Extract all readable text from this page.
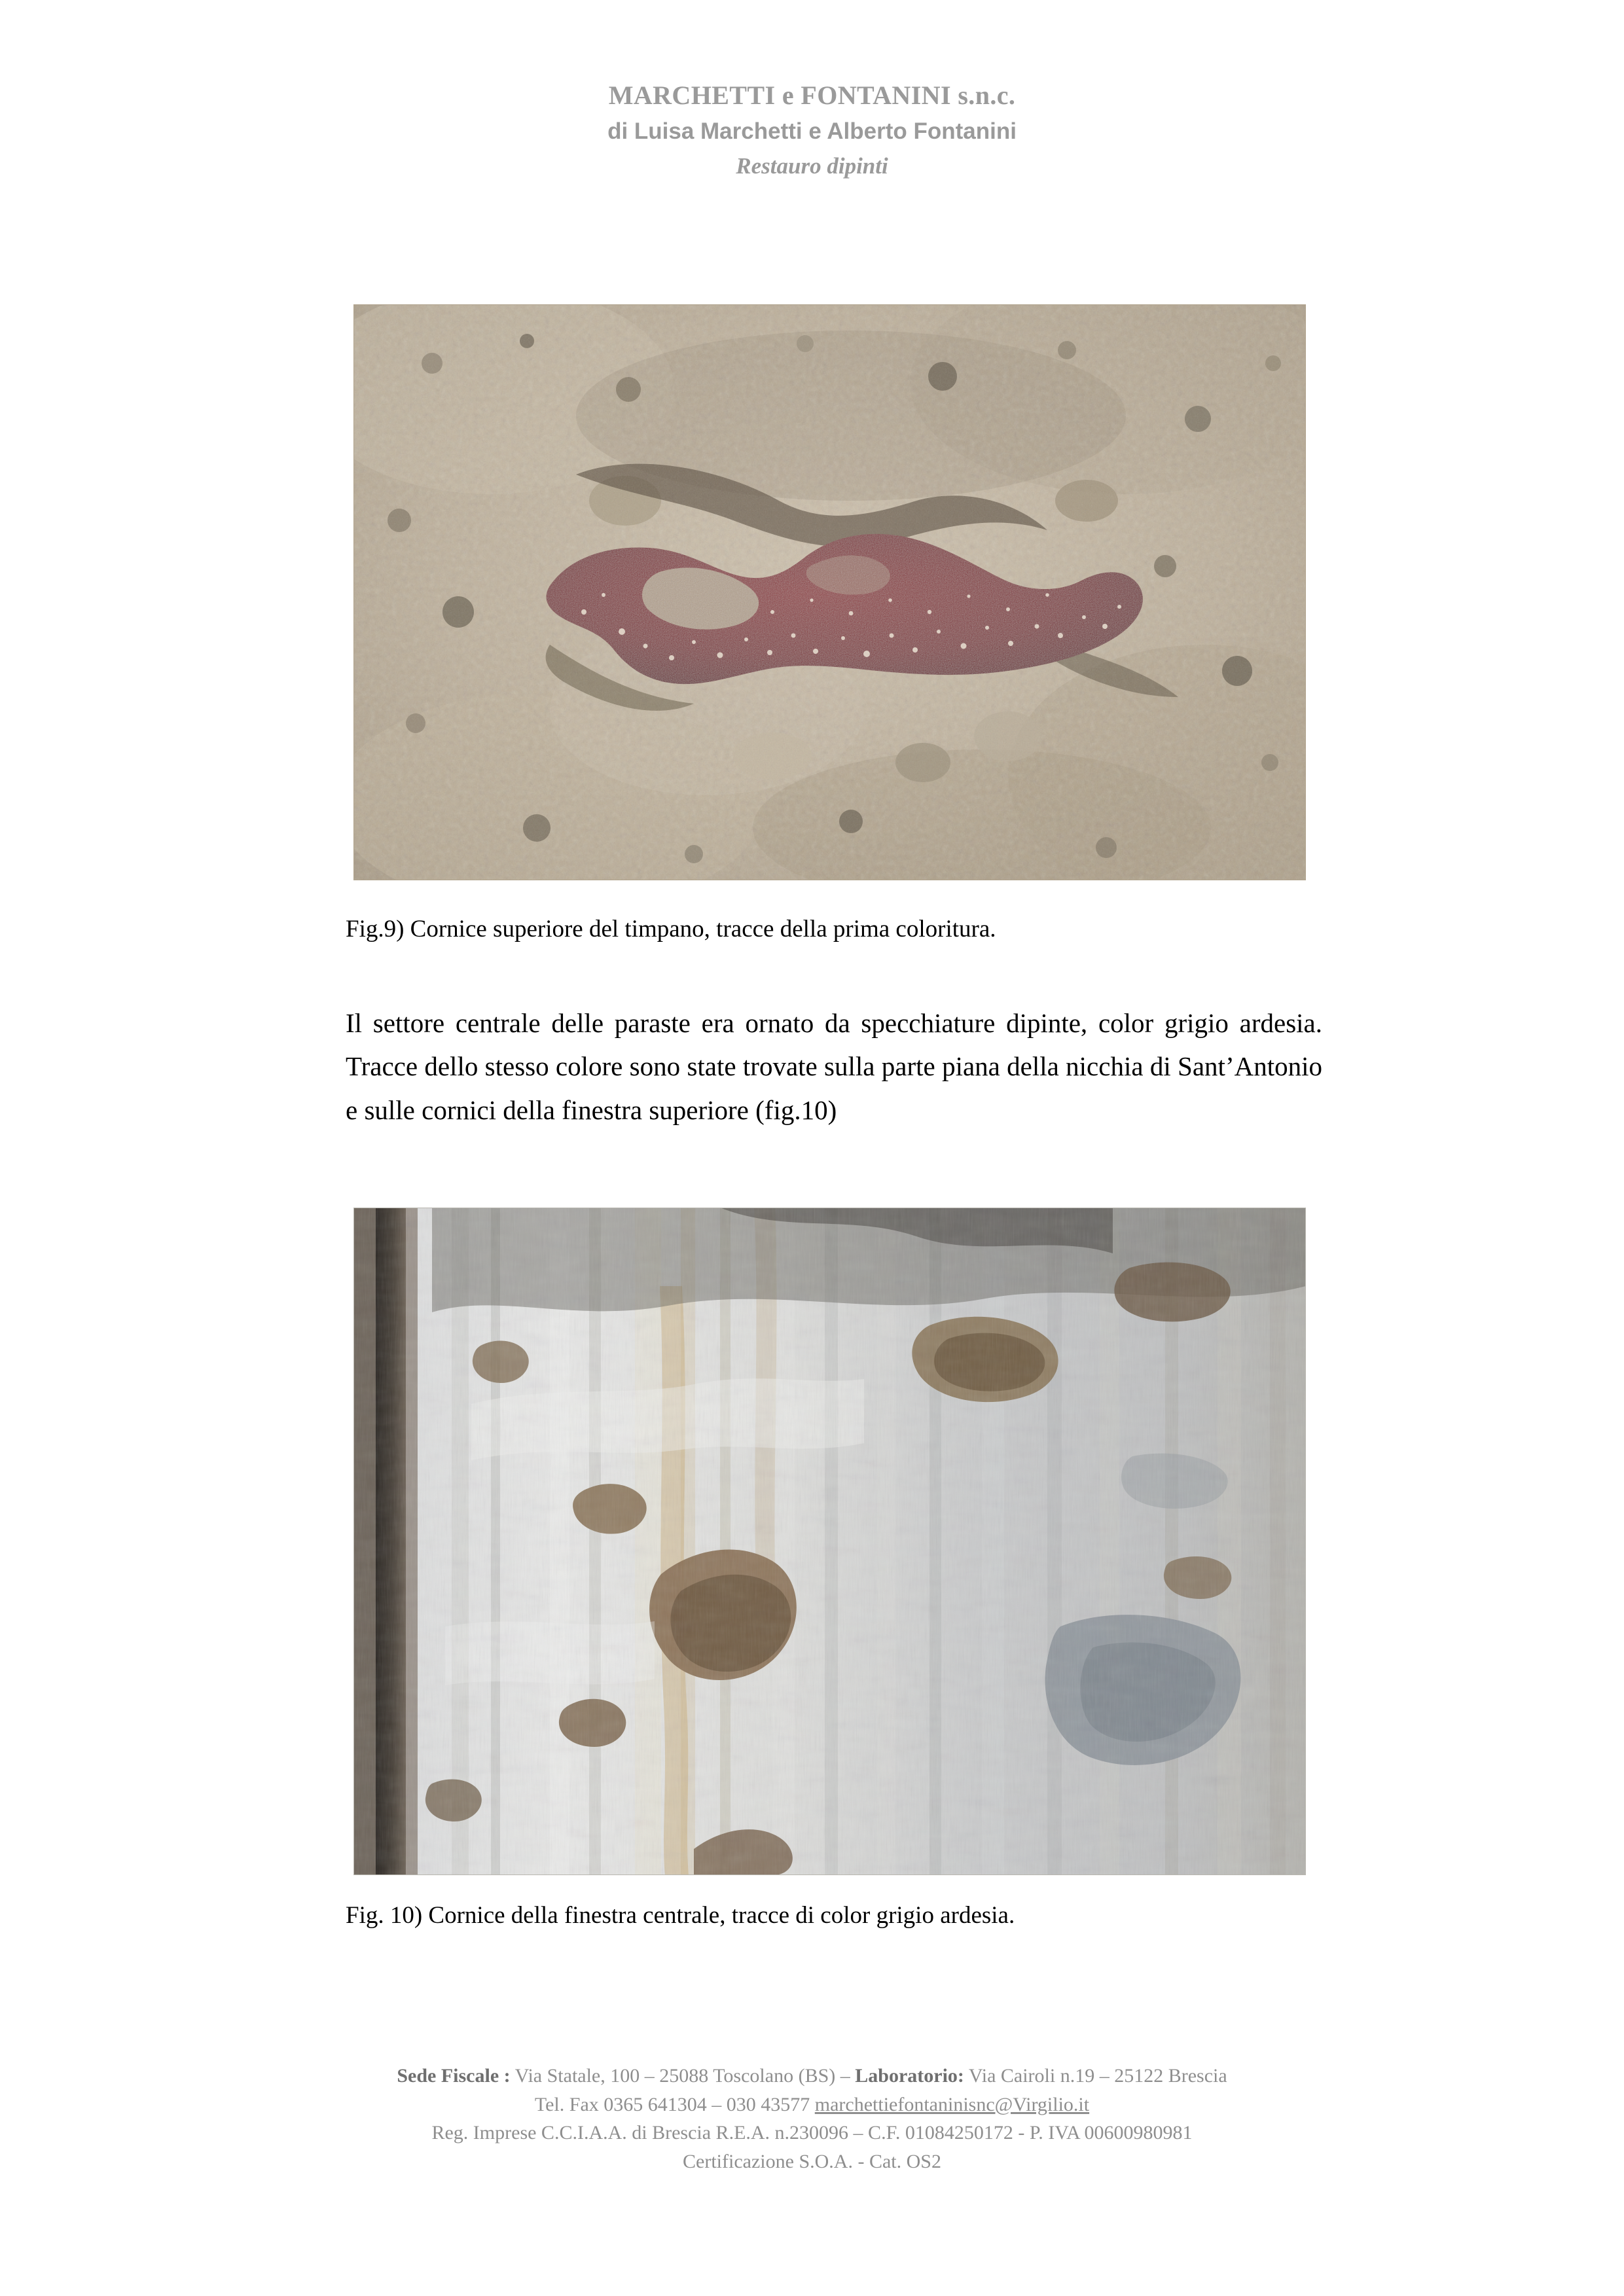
MARCHETTI e FONTANINI s.n.c.
di Luisa Marchetti e Alberto Fontanini
Restauro dipinti
Fig.9) Cornice superiore del timpano, tracce della prima coloritura.
Il settore centrale delle paraste era ornato da specchiature dipinte, color grigio ardesia. Tracce dello stesso colore sono state trovate sulla parte piana della nicchia di Sant’Antonio e sulle cornici della finestra superiore (fig.10)
Fig. 10) Cornice della finestra centrale, tracce di color grigio ardesia.
Sede Fiscale : Via Statale, 100 – 25088 Toscolano (BS) – Laboratorio: Via Cairoli n.19 – 25122 Brescia
Tel. Fax 0365 641304 – 030 43577 marchettiefontaninisnc@Virgilio.it
Reg. Imprese C.C.I.A.A. di Brescia R.E.A. n.230096 – C.F. 01084250172 - P. IVA 00600980981
Certificazione S.O.A. - Cat. OS2
